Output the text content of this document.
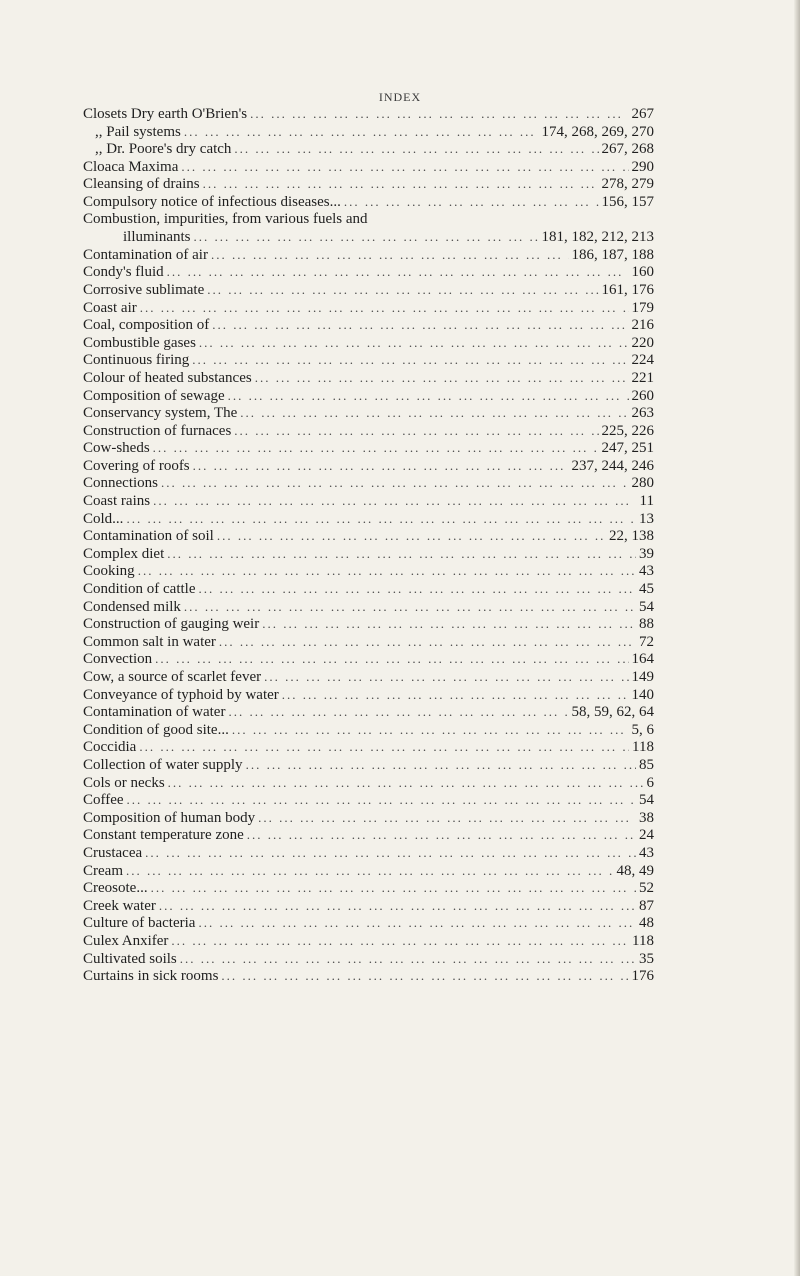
INDEX
Closets Dry earth O'Brien's ... .	267
,, Pail systems ... .	174, 268, 269, 270
,, Dr. Poore's dry catch ... .	267, 268
Cloaca Maxima ... .	290
Cleansing of drains ... .	278, 279
Compulsory notice of infectious diseases... ... .	156, 157
Combustion, impurities, from various fuels and
illuminants ... .	181, 182, 212, 213
Contamination of air ... .	186, 187, 188
Condy's fluid ... .	160
Corrosive sublimate ... .	161, 176
Coast air ... .	179
Coal, composition of ... .	216
Combustible gases ... .	220
Continuous firing ... .	224
Colour of heated substances ... .	221
Composition of sewage ... .	260
Conservancy system, The ... .	263
Construction of furnaces ... .	225, 226
Cow-sheds ... .	247, 251
Covering of roofs ... .	237, 244, 246
Connections ... .	280
Coast rains ... .	11
Cold... ... .	13
Contamination of soil ... .	22, 138
Complex diet ... .	39
Cooking ... .	43
Condition of cattle ... .	45
Condensed milk ... .	54
Construction of gauging weir ... .	88
Common salt in water ... .	72
Convection ... .	164
Cow, a source of scarlet fever ... .	149
Conveyance of typhoid by water ... .	140
Contamination of water ... .	58, 59, 62, 64
Condition of good site... ... .	5, 6
Coccidia ... .	118
Collection of water supply ... .	85
Cols or necks ... .	6
Coffee ... .	54
Composition of human body ... .	38
Constant temperature zone ... .	24
Crustacea ... .	43
Cream ... .	48, 49
Creosote... ... .	52
Creek water ... .	87
Culture of bacteria ... .	48
Culex Anxifer ... .	118
Cultivated soils ... .	35
Curtains in sick rooms ... .	176
